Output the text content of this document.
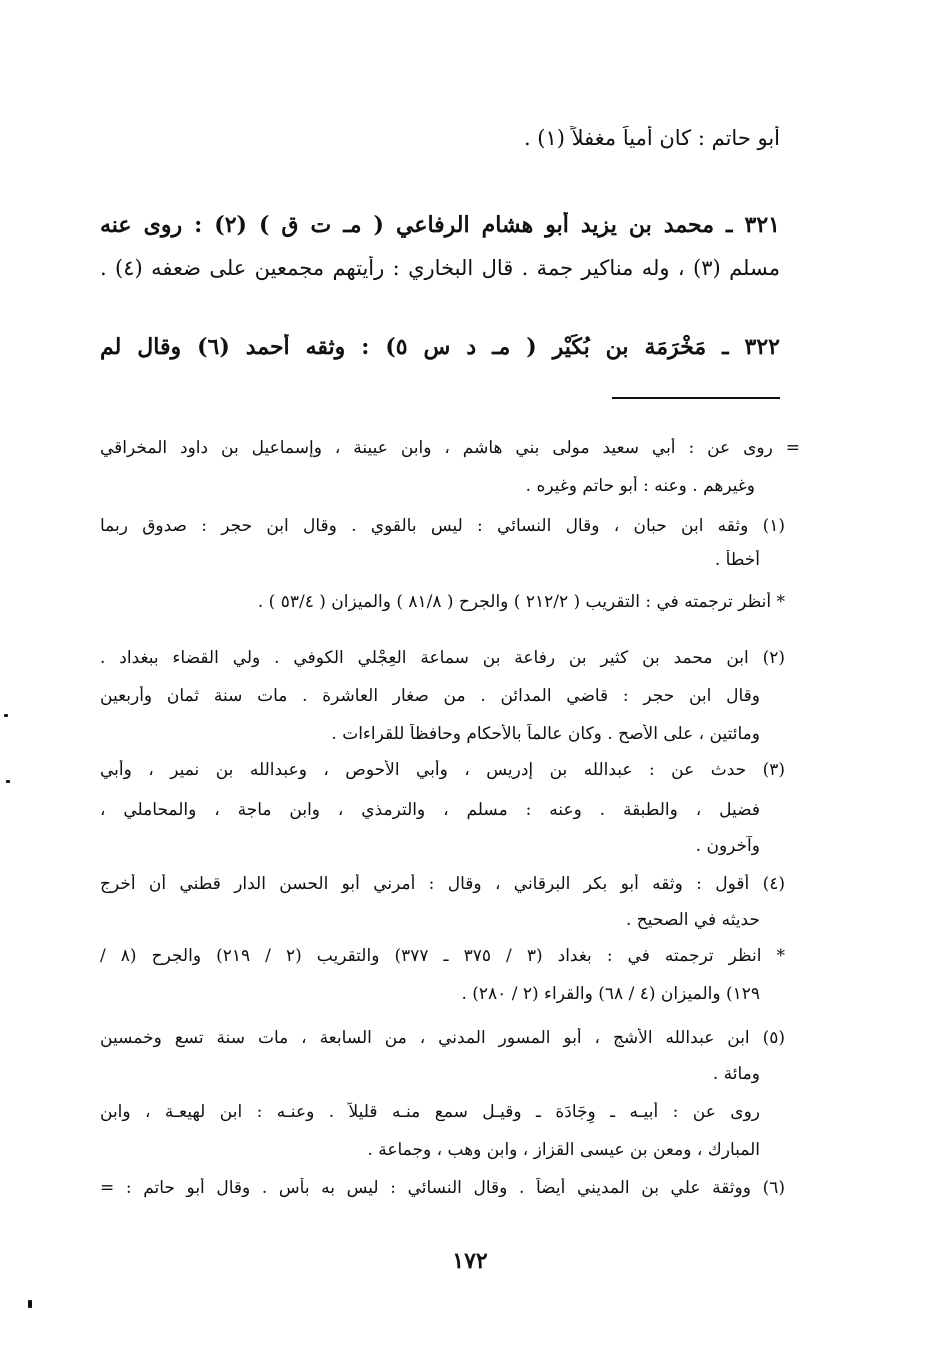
أبو حاتم : كان أمياً مغفلاً (١) .
٣٢١ ـ محمد بن يزيد أبو هشام الرفاعي ( مـ ت ق ) (٢) : روى عنه
مسلم (٣) ، وله مناكير جمة . قال البخاري : رأيتهم مجمعين على ضعفه (٤) .
٣٢٢ ـ مَخْرَمَة بن بُكَيْر ( مـ د س ٥) : وثقه أحمد (٦) وقال لم
= روى عن : أبي سعيد مولى بني هاشم ، وابن عيينة ، وإسماعيل بن داود المخراقي
وغيرهم . وعنه : أبو حاتم وغيره .
(١) وثقه ابن حبان ، وقال النسائي : ليس بالقوي . وقال ابن حجر : صدوق ربما
أخطأ .
* أنظر ترجمته في : التقريب ( ٢١٢/٢ ) والجرح ( ٨١/٨ ) والميزان ( ٥٣/٤ ) .
(٢) ابن محمد بن كثير بن رفاعة بن سماعة العِجْلي الكوفي . ولي القضاء ببغداد .
وقال ابن حجر : قاضي المدائن . من صغار العاشرة . مات سنة ثمان وأربعين
ومائتين ، على الأصح . وكان عالماً بالأحكام وحافظاً للقراءات .
(٣) حدث عن : عبدالله بن إدريس ، وأبي الأحوص ، وعبدالله بن نمير ، وأبي
فضيل ، والطبقة . وعنه : مسلم ، والترمذي ، وابن ماجة ، والمحاملي ،
وآخرون .
(٤) أقول : وثقه أبو بكر البرقاني ، وقال : أمرني أبو الحسن الدار قطني أن أخرج
حديثه في الصحيح .
* انظر ترجمته في : بغداد (٣ / ٣٧٥ ـ ٣٧٧) والتقريب (٢ / ٢١٩) والجرح (٨ /
١٢٩) والميزان (٤ / ٦٨) والقراء (٢ / ٢٨٠) .
(٥) ابن عبدالله الأشج ، أبو المسور المدني ، من السابعة ، مات سنة تسع وخمسين
ومائة .
روى عن : أبيـه ـ وِجَادَة ـ وقيـل سمع منـه قليلاً . وعنـه : ابن لهيعـة ، وابن
المبارك ، ومعن بن عيسى القزاز ، وابن وهب ، وجماعة .
(٦) ووثقة علي بن المديني أيضاً . وقال النسائي : ليس به بأس . وقال أبو حاتم : =
١٧٢
